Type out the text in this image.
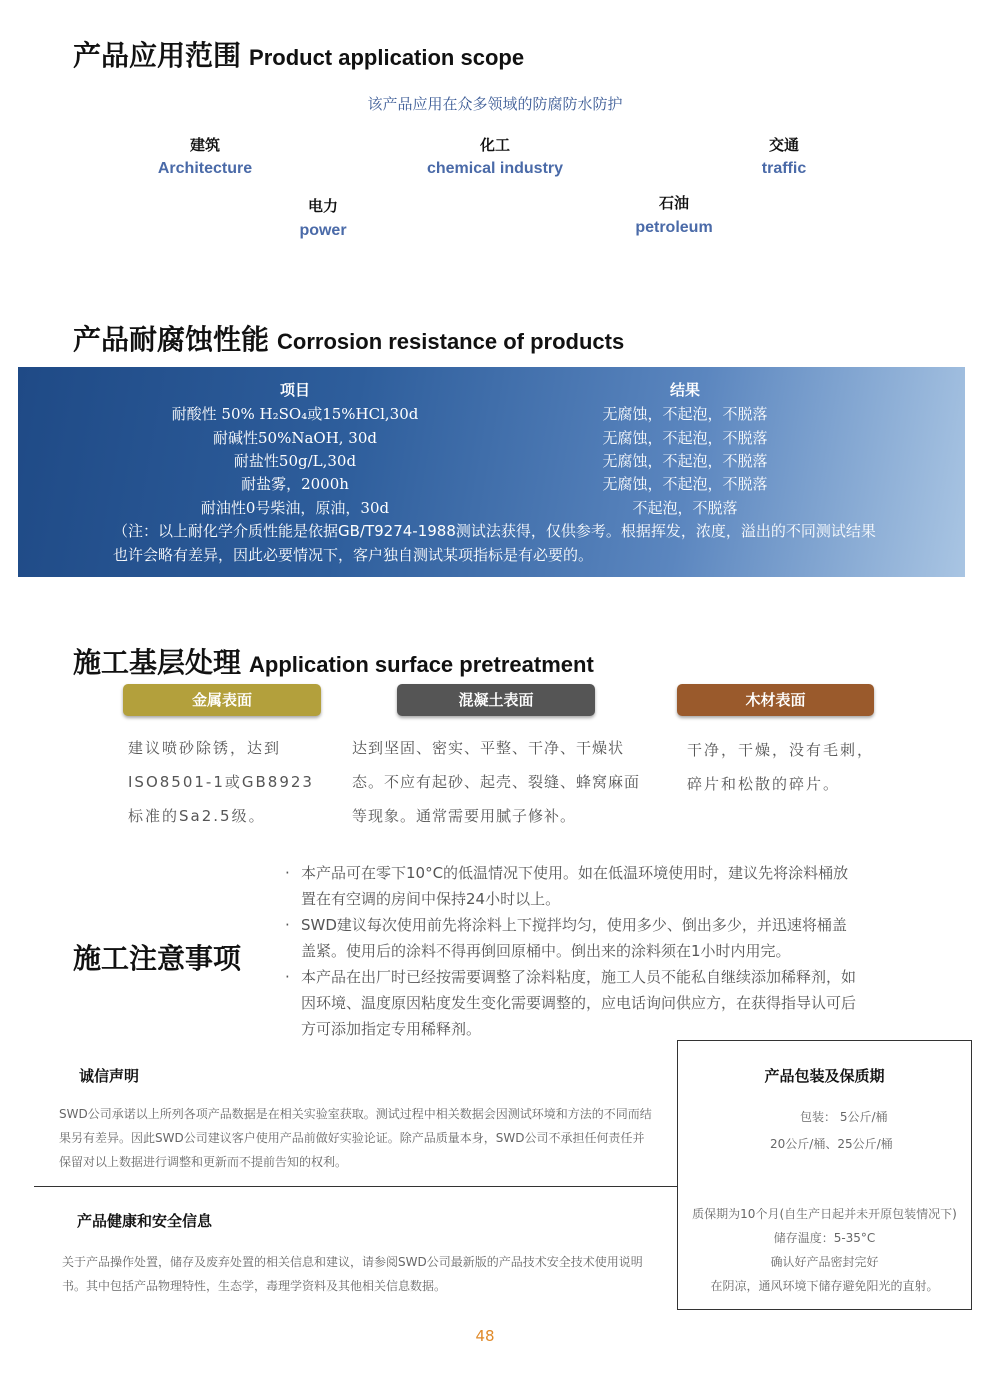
产品应用范围 Product application scope
该产品应用在众多领域的防腐防水防护
建筑
Architecture
化工
chemical industry
交通
traffic
电力
power
石油
petroleum
产品耐腐蚀性能 Corrosion resistance of products
项目	结果
耐酸性 50% H₂SO₄或15%HCl,30d	无腐蚀，不起泡，不脱落
耐碱性50%NaOH, 30d	无腐蚀，不起泡，不脱落
耐盐性50g/L,30d	无腐蚀，不起泡，不脱落
耐盐雾，2000h	无腐蚀，不起泡，不脱落
耐油性0号柴油，原油，30d	不起泡，不脱落
（注：以上耐化学介质性能是依据GB/T9274-1988测试法获得，仅供参考。根据挥发，浓度，溢出的不同测试结果也许会略有差异，因此必要情况下，客户独自测试某项指标是有必要的。
施工基层处理 Application surface pretreatment
金属表面	混凝土表面	木材表面
建议喷砂除锈，达到ISO8501-1或GB8923标准的Sa2.5级。
达到坚固、密实、平整、干净、干燥状态。不应有起砂、起壳、裂缝、蜂窝麻面等现象。通常需要用腻子修补。
干净，干燥，没有毛刺，碎片和松散的碎片。
施工注意事项
· 本产品可在零下10°C的低温情况下使用。如在低温环境使用时，建议先将涂料桶放置在有空调的房间中保持24小时以上。
· SWD建议每次使用前先将涂料上下搅拌均匀，使用多少、倒出多少，并迅速将桶盖盖紧。使用后的涂料不得再倒回原桶中。倒出来的涂料须在1小时内用完。
· 本产品在出厂时已经按需要调整了涂料粘度，施工人员不能私自继续添加稀释剂，如因环境、温度原因粘度发生变化需要调整的，应电话询问供应方，在获得指导认可后方可添加指定专用稀释剂。
诚信声明
SWD公司承诺以上所列各项产品数据是在相关实验室获取。测试过程中相关数据会因测试环境和方法的不同而结果另有差异。因此SWD公司建议客户使用产品前做好实验论证。除产品质量本身，SWD公司不承担任何责任并保留对以上数据进行调整和更新而不提前告知的权利。
产品健康和安全信息
关于产品操作处置，储存及废弃处置的相关信息和建议，请参阅SWD公司最新版的产品技术安全技术使用说明书。其中包括产品物理特性，生态学，毒理学资料及其他相关信息数据。
产品包装及保质期
包装： 5公斤/桶
20公斤/桶、25公斤/桶
质保期为10个月(自生产日起并未开原包装情况下)
储存温度：5-35°C
确认好产品密封完好
在阴凉，通风环境下储存避免阳光的直射。
48
